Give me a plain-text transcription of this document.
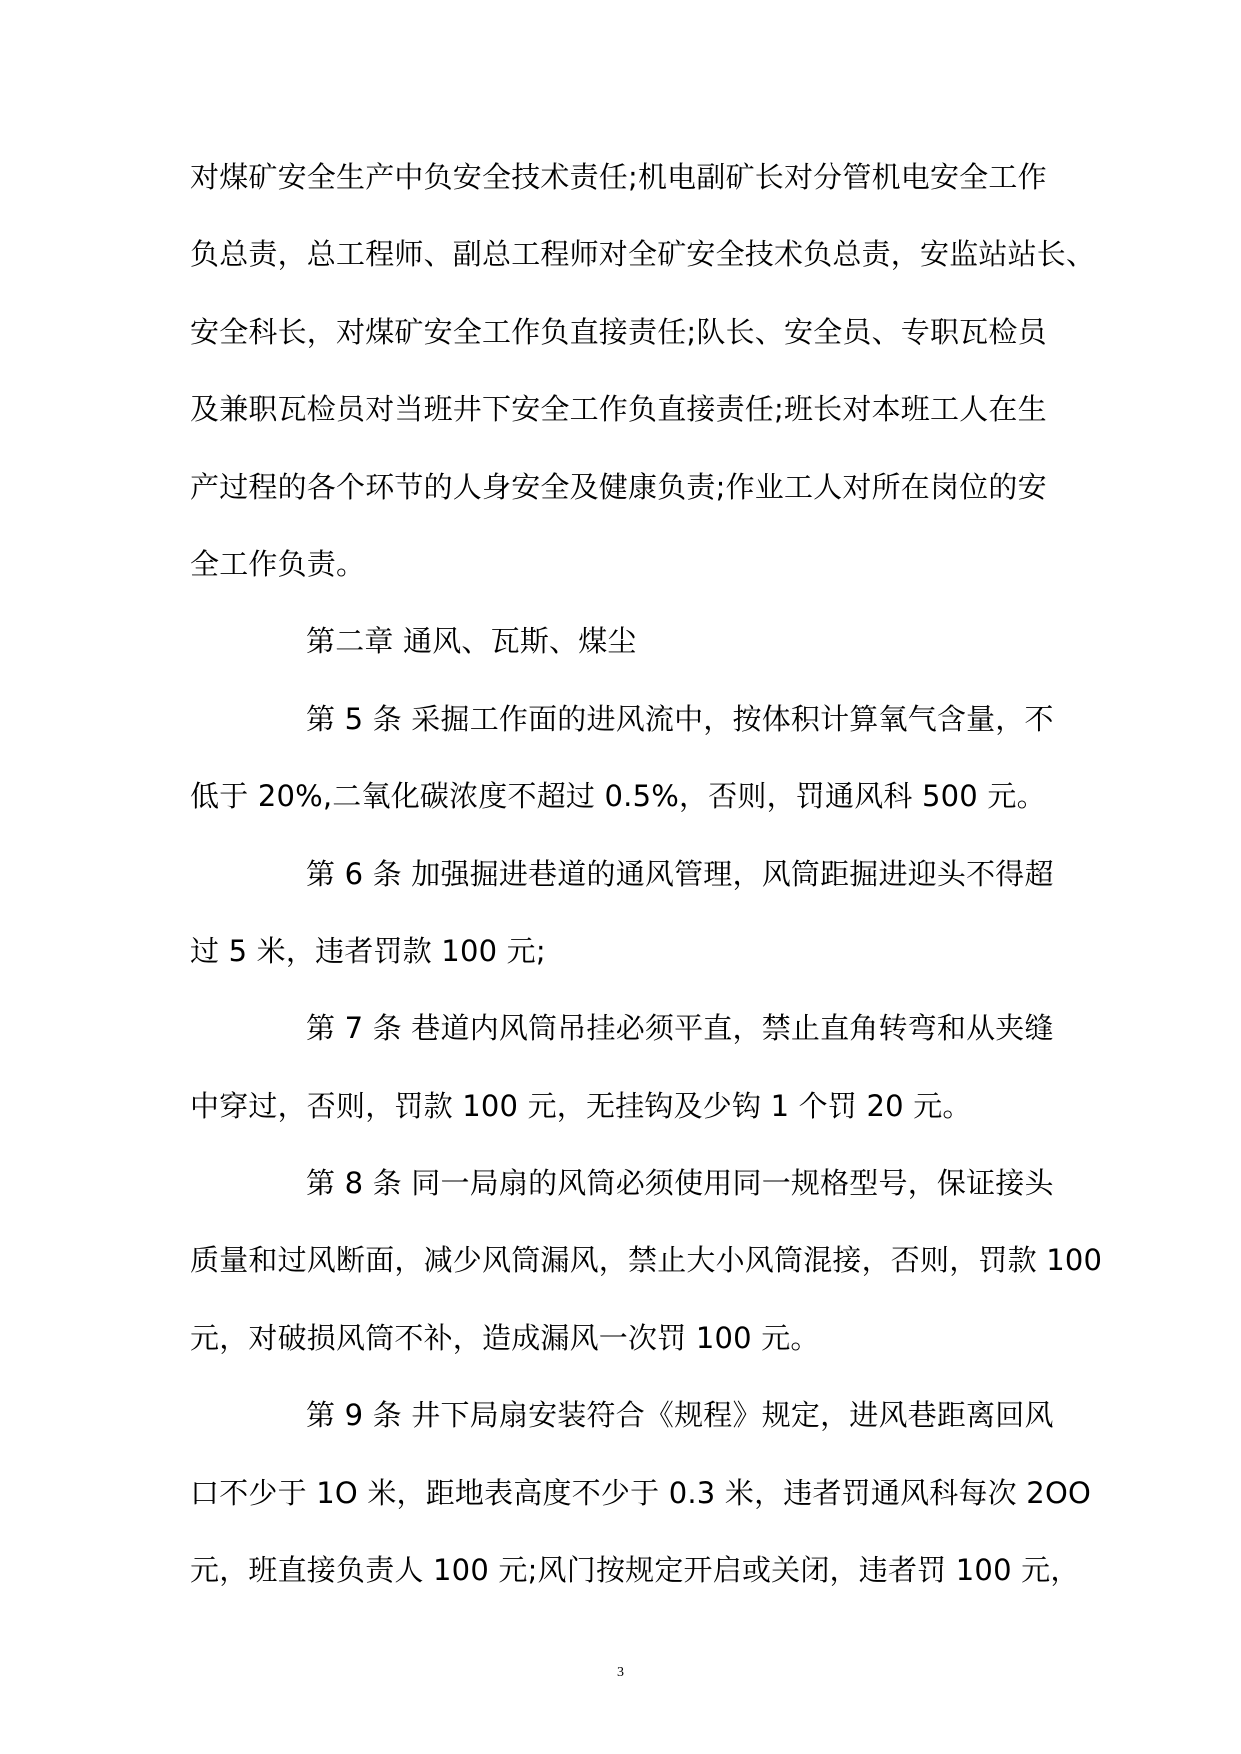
对煤矿安全生产中负安全技术责任;机电副矿长对分管机电安全工作
负总责，总工程师、副总工程师对全矿安全技术负总责，安监站站长、
安全科长，对煤矿安全工作负直接责任;队长、安全员、专职瓦检员
及兼职瓦检员对当班井下安全工作负直接责任;班长对本班工人在生
产过程的各个环节的人身安全及健康负责;作业工人对所在岗位的安
全工作负责。
第二章 通风、瓦斯、煤尘
第 5 条 采掘工作面的进风流中，按体积计算氧气含量，不
低于 20%,二氧化碳浓度不超过 0.5%，否则，罚通风科 500 元。
第 6 条 加强掘进巷道的通风管理，风筒距掘进迎头不得超
过 5 米，违者罚款 100 元;
第 7 条 巷道内风筒吊挂必须平直，禁止直角转弯和从夹缝
中穿过，否则，罚款 100 元，无挂钩及少钩 1 个罚 20 元。
第 8 条 同一局扇的风筒必须使用同一规格型号，保证接头
质量和过风断面，减少风筒漏风，禁止大小风筒混接，否则，罚款 100
元，对破损风筒不补，造成漏风一次罚 100 元。
第 9 条 井下局扇安装符合《规程》规定，进风巷距离回风
口不少于 1O 米，距地表高度不少于 0.3 米，违者罚通风科每次 2OO
元，班直接负责人 100 元;风门按规定开启或关闭，违者罚 100 元，
3
